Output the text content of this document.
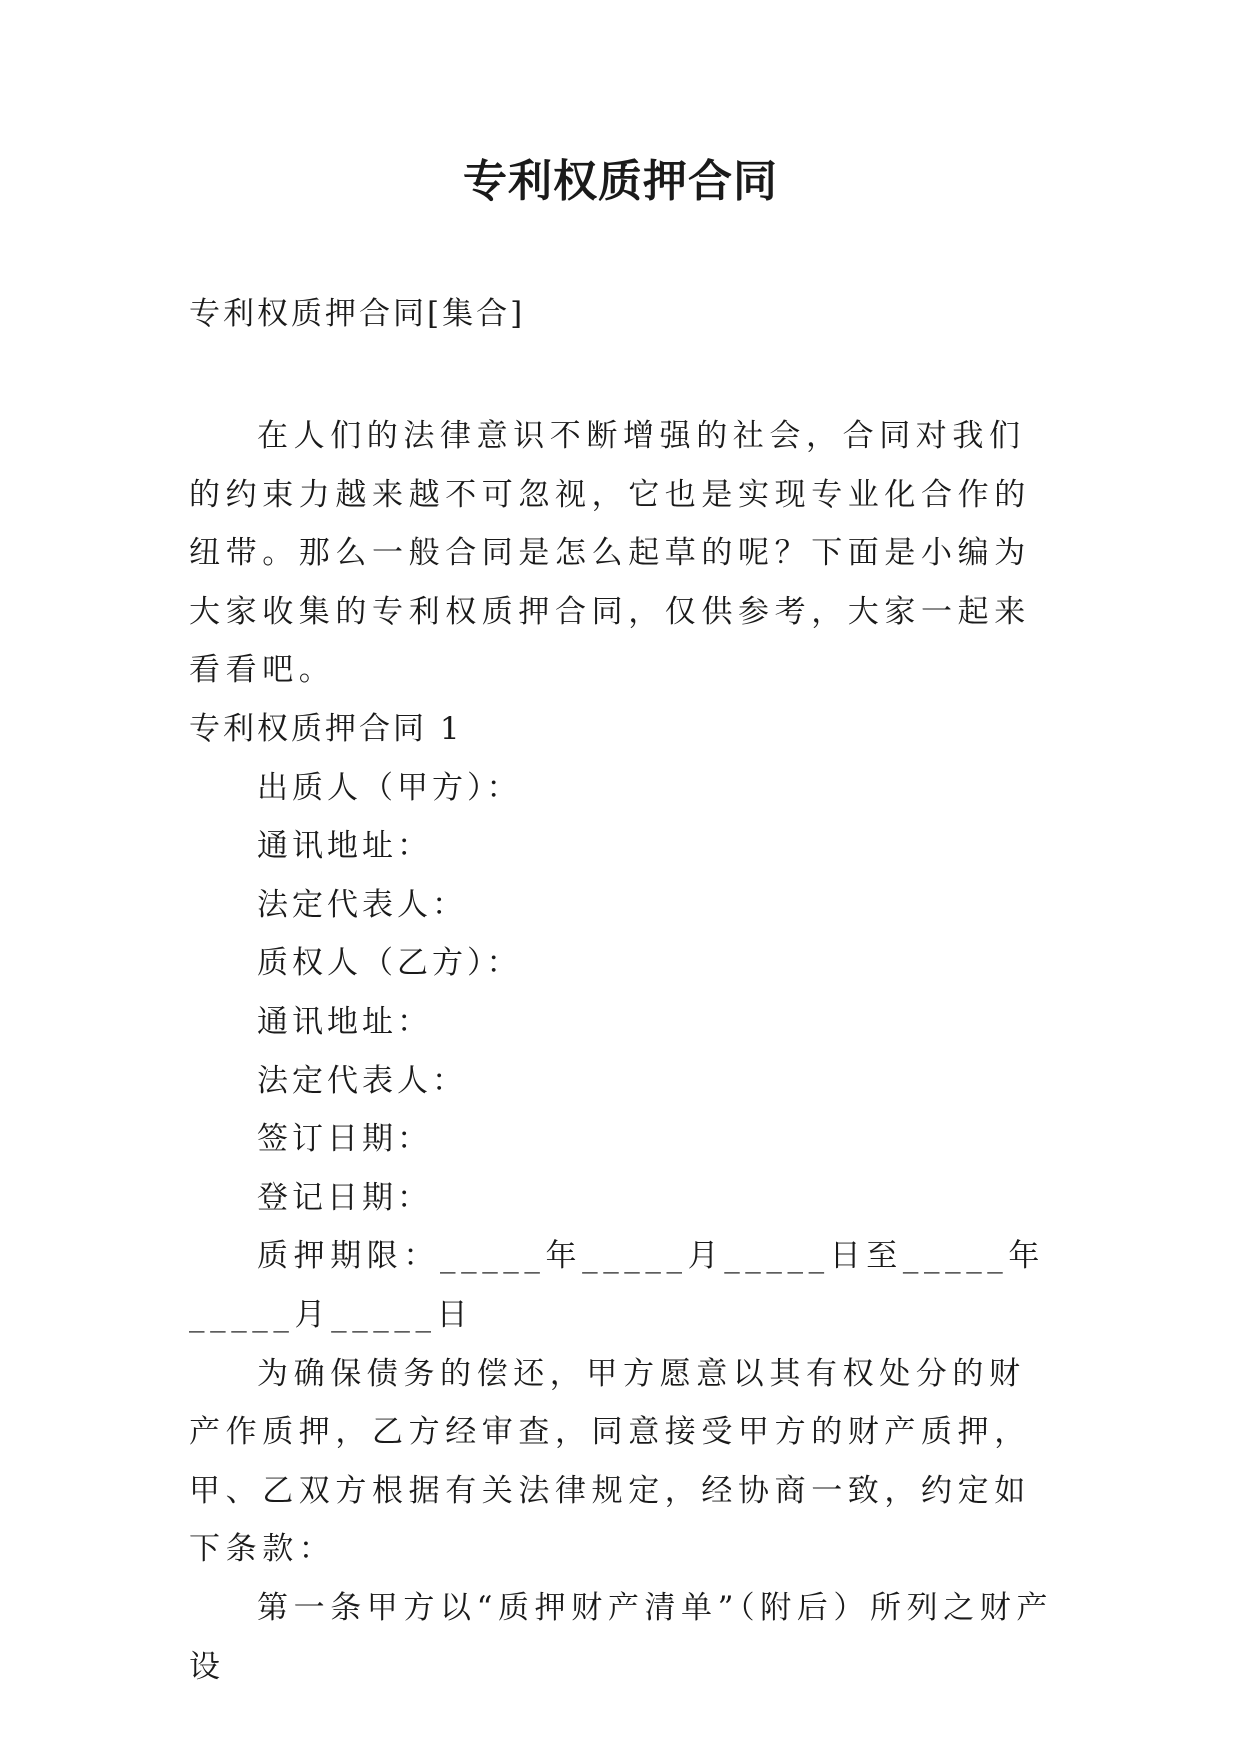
专利权质押合同

专利权质押合同[集合]

在人们的法律意识不断增强的社会，合同对我们的约束力越来越不可忽视，它也是实现专业化合作的纽带。那么一般合同是怎么起草的呢？下面是小编为大家收集的专利权质押合同，仅供参考，大家一起来看看吧。

专利权质押合同 1

出质人（甲方）：

通讯地址：

法定代表人：

质权人（乙方）：

通讯地址：

法定代表人：

签订日期：

登记日期：

质押期限：_____年_____月_____日至_____年_____月_____日

为确保债务的偿还，甲方愿意以其有权处分的财产作质押，乙方经审查，同意接受甲方的财产质押，甲、乙双方根据有关法律规定，经协商一致，约定如下条款：

第一条甲方以“质押财产清单”（附后）所列之财产设
